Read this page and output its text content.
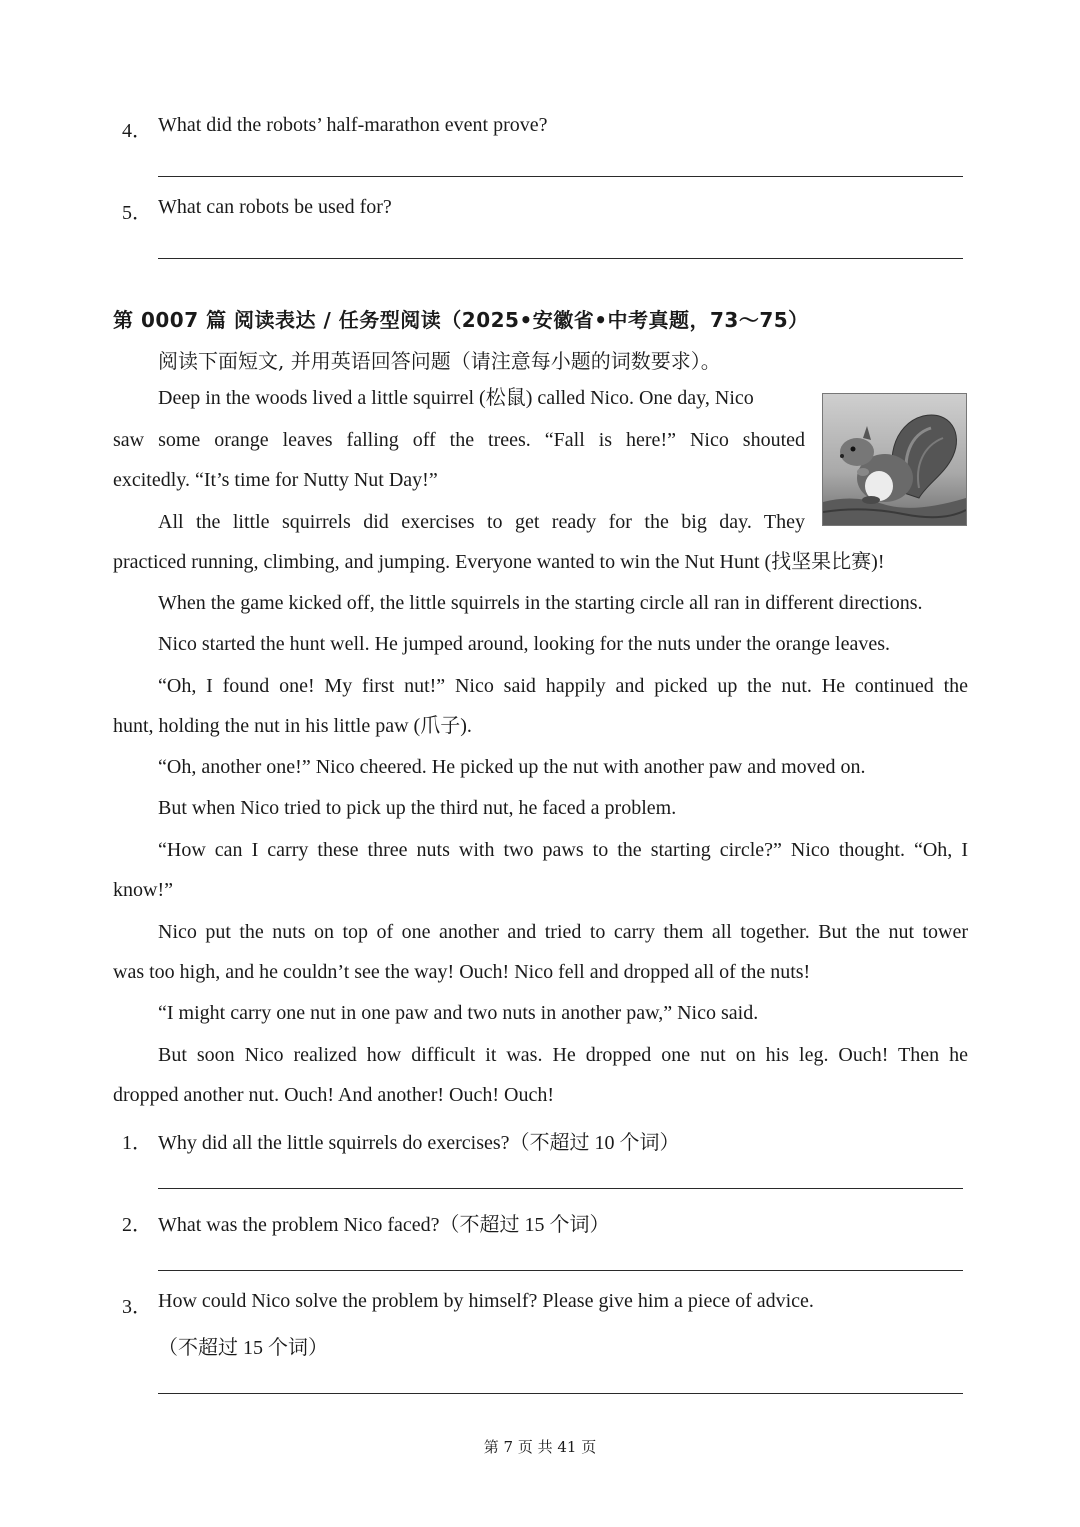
4． What did the robots’ half-marathon event prove?
5． What can robots be used for?
第 0007 篇 阅读表达 / 任务型阅读（2025•安徽省•中考真题，73～75）
阅读下面短文, 并用英语回答问题（请注意每小题的词数要求）。
Deep in the woods lived a little squirrel (松鼠) called Nico. One day, Nico
saw some orange leaves falling off the trees. “Fall is here!” Nico shouted
excitedly. “It’s time for Nutty Nut Day!”
All the little squirrels did exercises to get ready for the big day. They
practiced running, climbing, and jumping. Everyone wanted to win the Nut Hunt (找坚果比赛)!
When the game kicked off, the little squirrels in the starting circle all ran in different directions.
Nico started the hunt well. He jumped around, looking for the nuts under the orange leaves.
“Oh, I found one! My first nut!” Nico said happily and picked up the nut. He continued the
hunt, holding the nut in his little paw (爪子).
“Oh, another one!” Nico cheered. He picked up the nut with another paw and moved on.
But when Nico tried to pick up the third nut, he faced a problem.
“How can I carry these three nuts with two paws to the starting circle?” Nico thought. “Oh, I
know!”
Nico put the nuts on top of one another and tried to carry them all together. But the nut tower
was too high, and he couldn’t see the way! Ouch! Nico fell and dropped all of the nuts!
“I might carry one nut in one paw and two nuts in another paw,” Nico said.
But soon Nico realized how difficult it was. He dropped one nut on his leg. Ouch! Then he
dropped another nut. Ouch! And another! Ouch! Ouch!
1． Why did all the little squirrels do exercises?（不超过 10 个词）
2． What was the problem Nico faced?（不超过 15 个词）
3． How could Nico solve the problem by himself? Please give him a piece of advice.
（不超过 15 个词）
第 7 页 共 41 页
